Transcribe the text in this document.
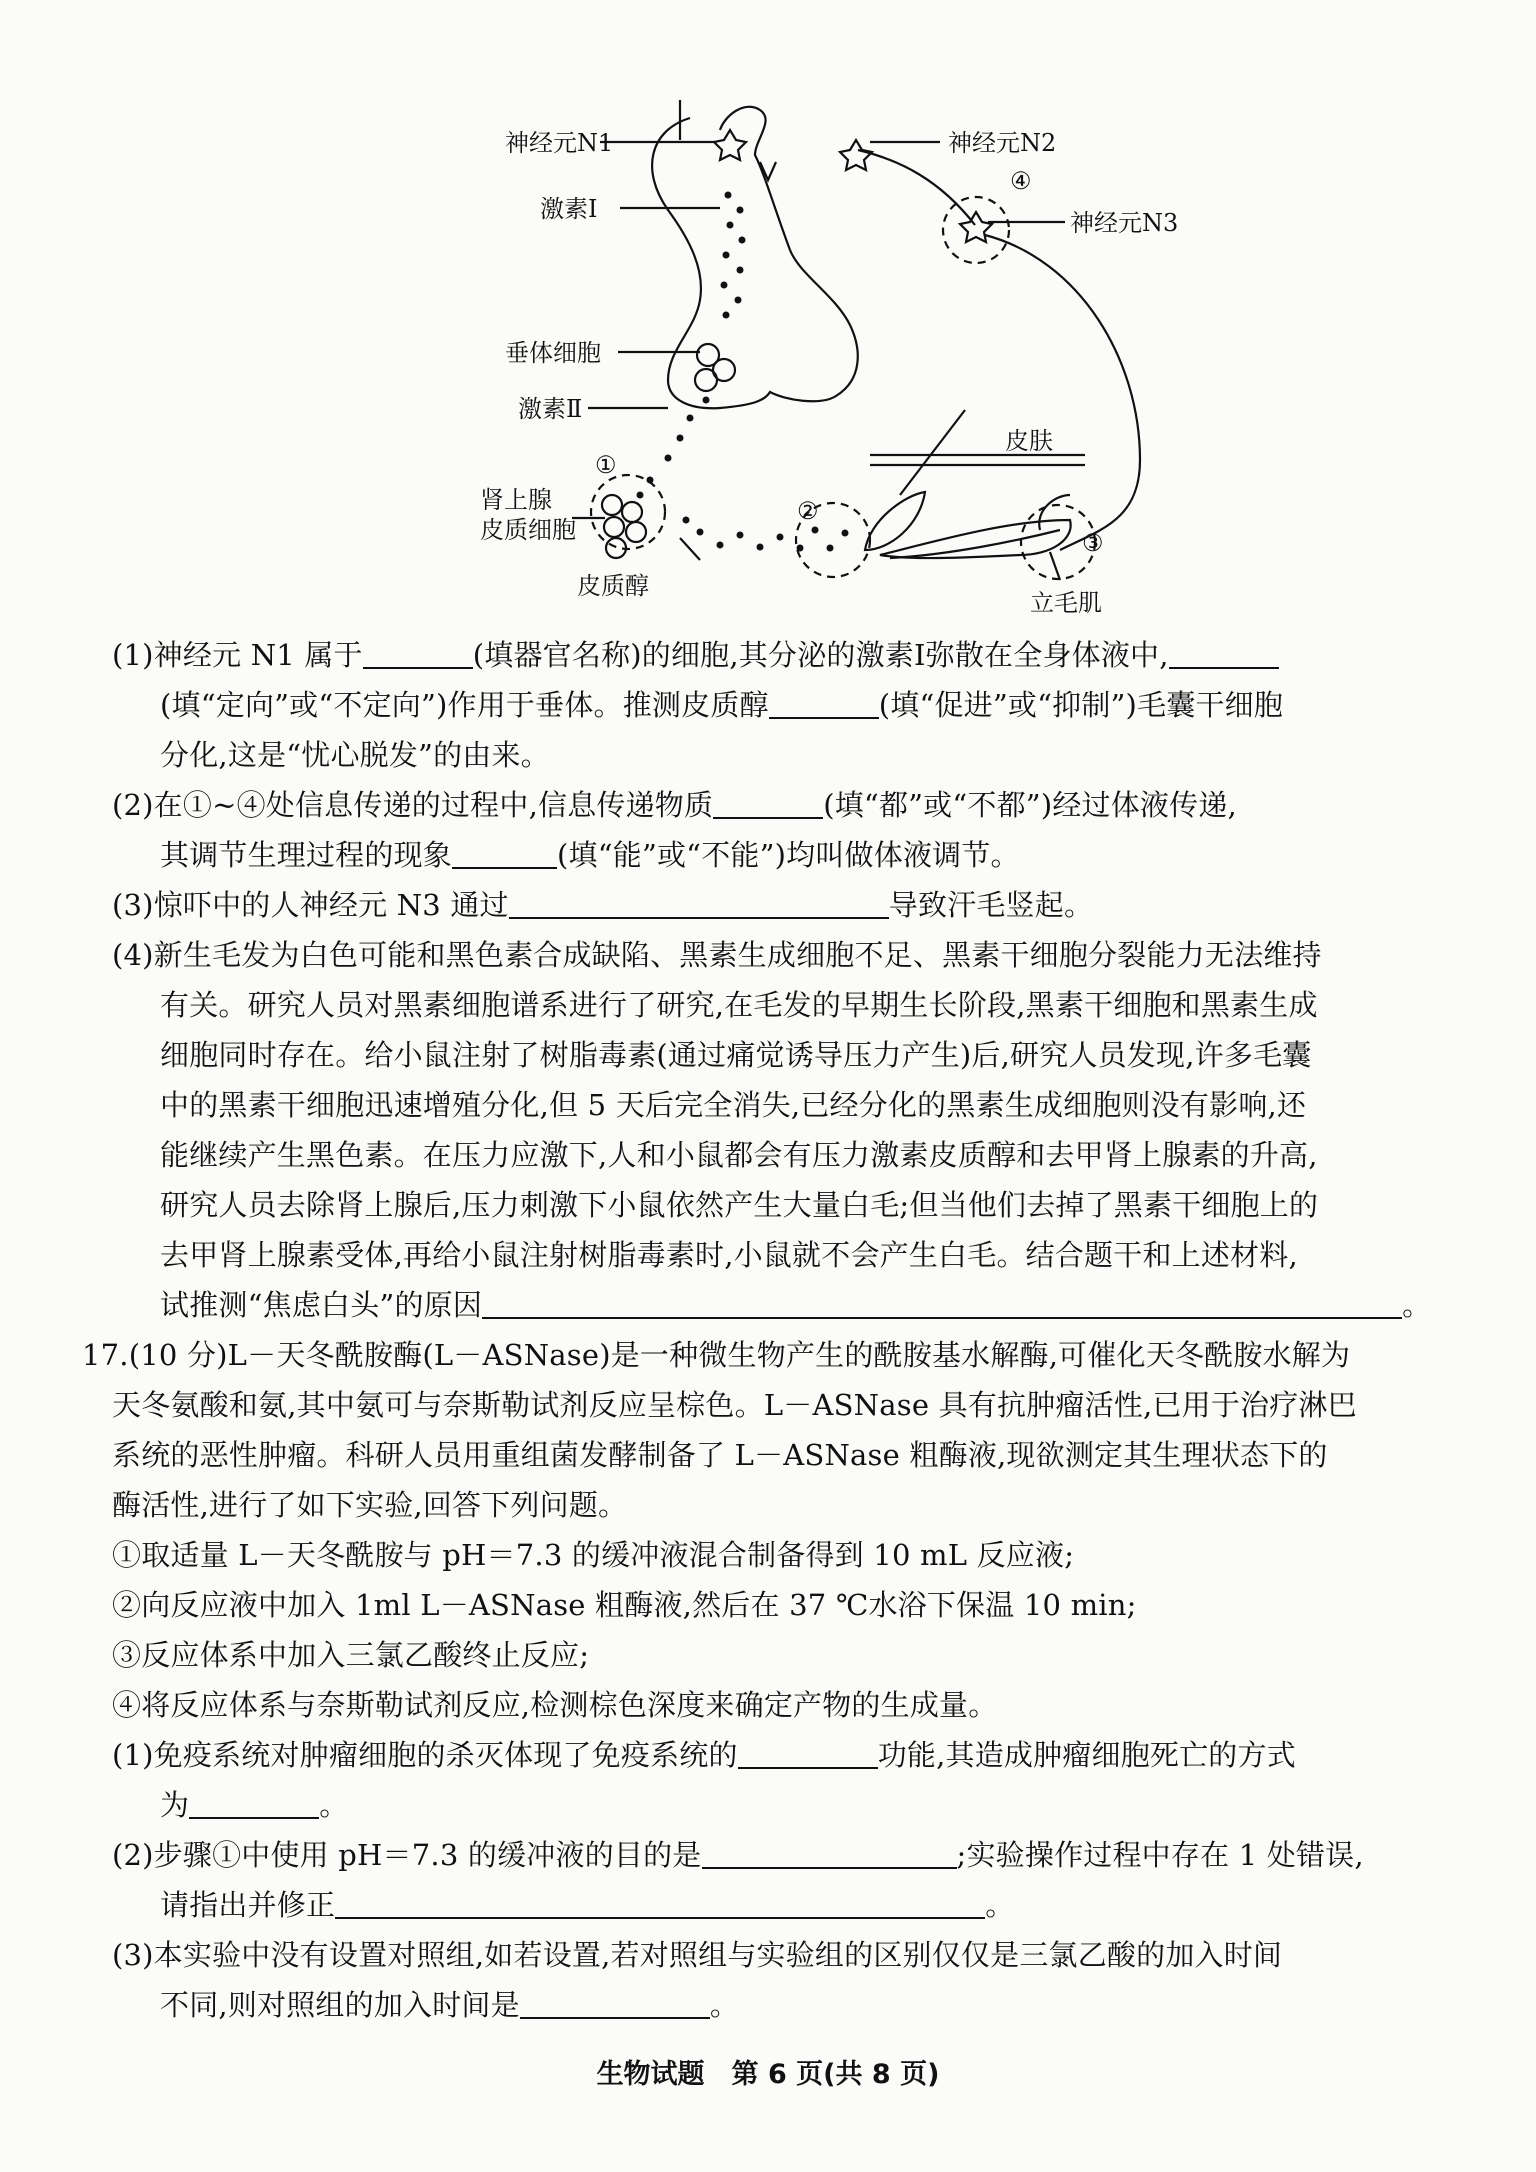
神经元N1
激素Ⅰ
垂体细胞
激素Ⅱ
①
肾上腺
皮质细胞
皮质醇
②
神经元N2
④
神经元N3
皮肤
③
立毛肌
(1)神经元 N1 属于	(填器官名称)的细胞,其分泌的激素Ⅰ弥散在全身体液中,
(填“定向”或“不定向”)作用于垂体。推测皮质醇	(填“促进”或“抑制”)毛囊干细胞
分化,这是“忧心脱发”的由来。
(2)在①~④处信息传递的过程中,信息传递物质	(填“都”或“不都”)经过体液传递,
其调节生理过程的现象	(填“能”或“不能”)均叫做体液调节。
(3)惊吓中的人神经元 N3 通过	导致汗毛竖起。
(4)新生毛发为白色可能和黑色素合成缺陷、黑素生成细胞不足、黑素干细胞分裂能力无法维持
有关。研究人员对黑素细胞谱系进行了研究,在毛发的早期生长阶段,黑素干细胞和黑素生成
细胞同时存在。给小鼠注射了树脂毒素(通过痛觉诱导压力产生)后,研究人员发现,许多毛囊
中的黑素干细胞迅速增殖分化,但 5 天后完全消失,已经分化的黑素生成细胞则没有影响,还
能继续产生黑色素。在压力应激下,人和小鼠都会有压力激素皮质醇和去甲肾上腺素的升高,
研究人员去除肾上腺后,压力刺激下小鼠依然产生大量白毛;但当他们去掉了黑素干细胞上的
去甲肾上腺素受体,再给小鼠注射树脂毒素时,小鼠就不会产生白毛。结合题干和上述材料,
试推测“焦虑白头”的原因	。
17.(10 分)L－天冬酰胺酶(L－ASNase)是一种微生物产生的酰胺基水解酶,可催化天冬酰胺水解为
天冬氨酸和氨,其中氨可与奈斯勒试剂反应呈棕色。L－ASNase 具有抗肿瘤活性,已用于治疗淋巴
系统的恶性肿瘤。科研人员用重组菌发酵制备了 L－ASNase 粗酶液,现欲测定其生理状态下的
酶活性,进行了如下实验,回答下列问题。
①取适量 L－天冬酰胺与 pH＝7.3 的缓冲液混合制备得到 10 mL 反应液;
②向反应液中加入 1ml L－ASNase 粗酶液,然后在 37 ℃水浴下保温 10 min;
③反应体系中加入三氯乙酸终止反应;
④将反应体系与奈斯勒试剂反应,检测棕色深度来确定产物的生成量。
(1)免疫系统对肿瘤细胞的杀灭体现了免疫系统的	功能,其造成肿瘤细胞死亡的方式
为	。
(2)步骤①中使用 pH＝7.3 的缓冲液的目的是	;实验操作过程中存在 1 处错误,
请指出并修正	。
(3)本实验中没有设置对照组,如若设置,若对照组与实验组的区别仅仅是三氯乙酸的加入时间
不同,则对照组的加入时间是	。
生物试题　第 6 页(共 8 页)
